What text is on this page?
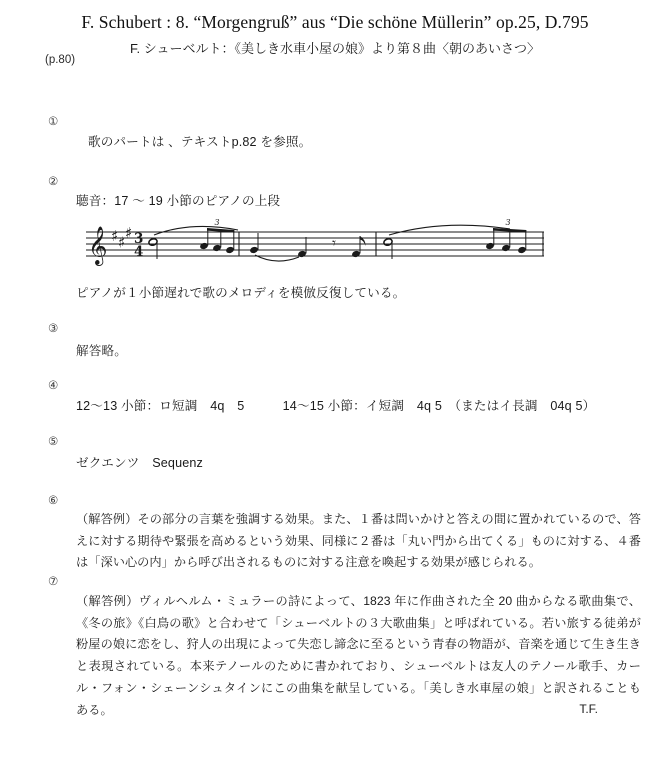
F. Schubert : 8. “Morgengruß” aus “Die schöne Müllerin” op.25, D.795
F. シューベルト：《美しき水車小屋の娘》より第８曲〈朝のあいさつ〉
(p.80)
①
歌のパートは 、テキストp.82 を参照。
②
聴音：17 ～ 19 小節のピアノの上段
𝄞 ♯ ♯
♯ 3
4
3
𝄾
3
ピアノが１小節遅れで歌のメロディを模倣反復している。
③
解答略。
④
12～13 小節：ロ短調　4q　5　　　14～15 小節：イ短調　4q 5　（またはイ長調　04q 5）
⑤
ゼクエンツ　Sequenz
⑥
（解答例）その部分の言葉を強調する効果。また、１番は問いかけと答えの間に置かれているので、答えに対する期待や緊張を高めるという効果、同様に２番は「丸い門から出てくる」ものに対する、４番は「深い心の内」から呼び出されるものに対する注意を喚起する効果が感じられる。
⑦
（解答例）ヴィルヘルム・ミュラーの詩によって、1823 年に作曲された全 20 曲からなる歌曲集で、《冬の旅》《白鳥の歌》と合わせて「シューベルトの３大歌曲集」と呼ばれている。若い旅する徒弟が粉屋の娘に恋をし、狩人の出現によって失恋し諦念に至るという青春の物語が、音楽を通じて生き生きと表現されている。本来テノールのために書かれており、シューベルトは友人のテノール歌手、カール・フォン・シェーンシュタインにこの曲集を献呈している。「美しき水車屋の娘」と訳されることもある。	T.F.
